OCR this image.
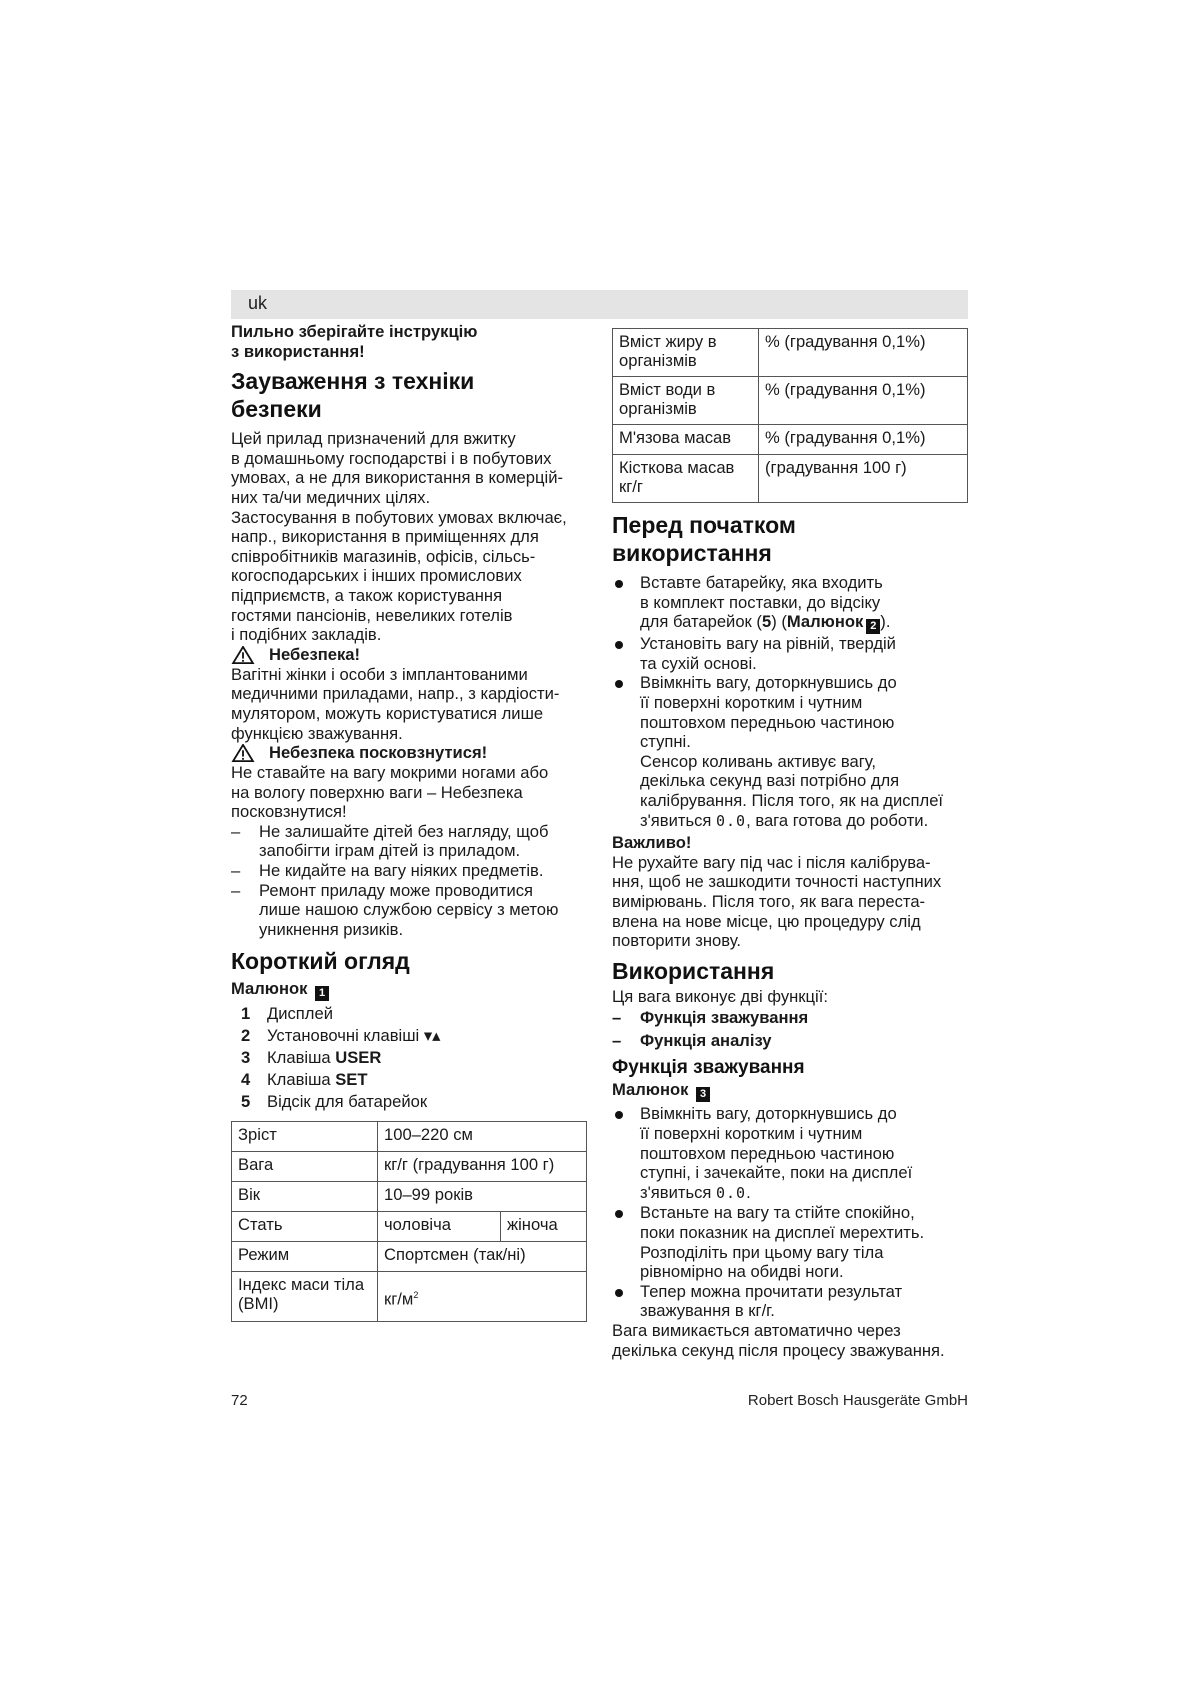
uk

Пильно зберігайте інструкцію

з використання!

Зауваження з техніки
безпеки

Цей прилад призначений для вжитку

в домашньому господарстві і в побутових

умовах, а не для використання в комерцій-

них та/чи медичних цілях.

Застосування в побутових умовах включає,

напр., використання в приміщеннях для

співробітників магазинів, офісів, сільсь-

когосподарських і інших промислових

підприємств, а також користування

гостями пансіонів, невеликих готелів

і подібних закладів.

Небезпека!

Вагітні жінки і особи з імплантованими

медичними приладами, напр., з кардіости-

мулятором, можуть користуватися лише

функцією зважування.

Небезпека посковзнутися!

Не ставайте на вагу мокрими ногами або

на вологу поверхню ваги – Небезпека

посковзнутися!

–	Не залишайте дітей без нагляду, щоб

запобігти іграм дітей із приладом.

–	Не кидайте на вагу ніяких предметів.

–	Ремонт приладу може проводитися

лише нашою службою сервісу з метою

уникнення ризиків.

Короткий огляд

Малюнок 1

1	Дисплей
2	Установочні клавіші ▾▴
3	Клавіша USER
4	Клавіша SET
5	Відсік для батарейок
Зріст	100–220 см	
Вага	кг/г (градування 100 г)	
Вік	10–99 років	
Стать	чоловіча	жіноча
Режим	Спортсмен (так/ні)	
Індекс маси тіла (BMI)	$кг/м^2$
Вміст жиру в організмів	% (градування 0,1%)
Вміст води в організмів	% (градування 0,1%)
М'язова масав	% (градування 0,1%)
Кісткова масав кг/г	(градування 100 г)
Перед початком
використання

Вставте батарейку, яка входить

в комплект поставки, до відсіку

для батарейок (5) (Малюнок 2 ).

Установіть вагу на рівній, твердій

та сухій основі.

Ввімкніть вагу, доторкнувшись до

її поверхні коротким і чутним

поштовхом передньою частиною

ступні.

Сенсор коливань активує вагу,

декілька секунд вазі потрібно для

калібрування. Після того, як на дисплеї

з'явиться 0.0, вага готова до роботи.

Важливо!

Не рухайте вагу під час і після калібрува-

ння, щоб не зашкодити точності наступних

вимірювань. Після того, як вага переста-

влена на нове місце, цю процедуру слід

повторити знову.

Використання

Ця вага виконує дві функції:

–	Функція зважування
–	Функція аналізу
Функція зважування

Малюнок 3

Ввімкніть вагу, доторкнувшись до

її поверхні коротким і чутним

поштовхом передньою частиною

ступні, і зачекайте, поки на дисплеї

з'явиться 0.0.

Встаньте на вагу та стійте спокійно,

поки показник на дисплеї мерехтить.

Розподіліть при цьому вагу тіла

рівномірно на обидві ноги.

Тепер можна прочитати результат

зважування в кг/г.

Вага вимикається автоматично через

декілька секунд після процесу зважування.

72	Robert Bosch Hausgeräte GmbH
